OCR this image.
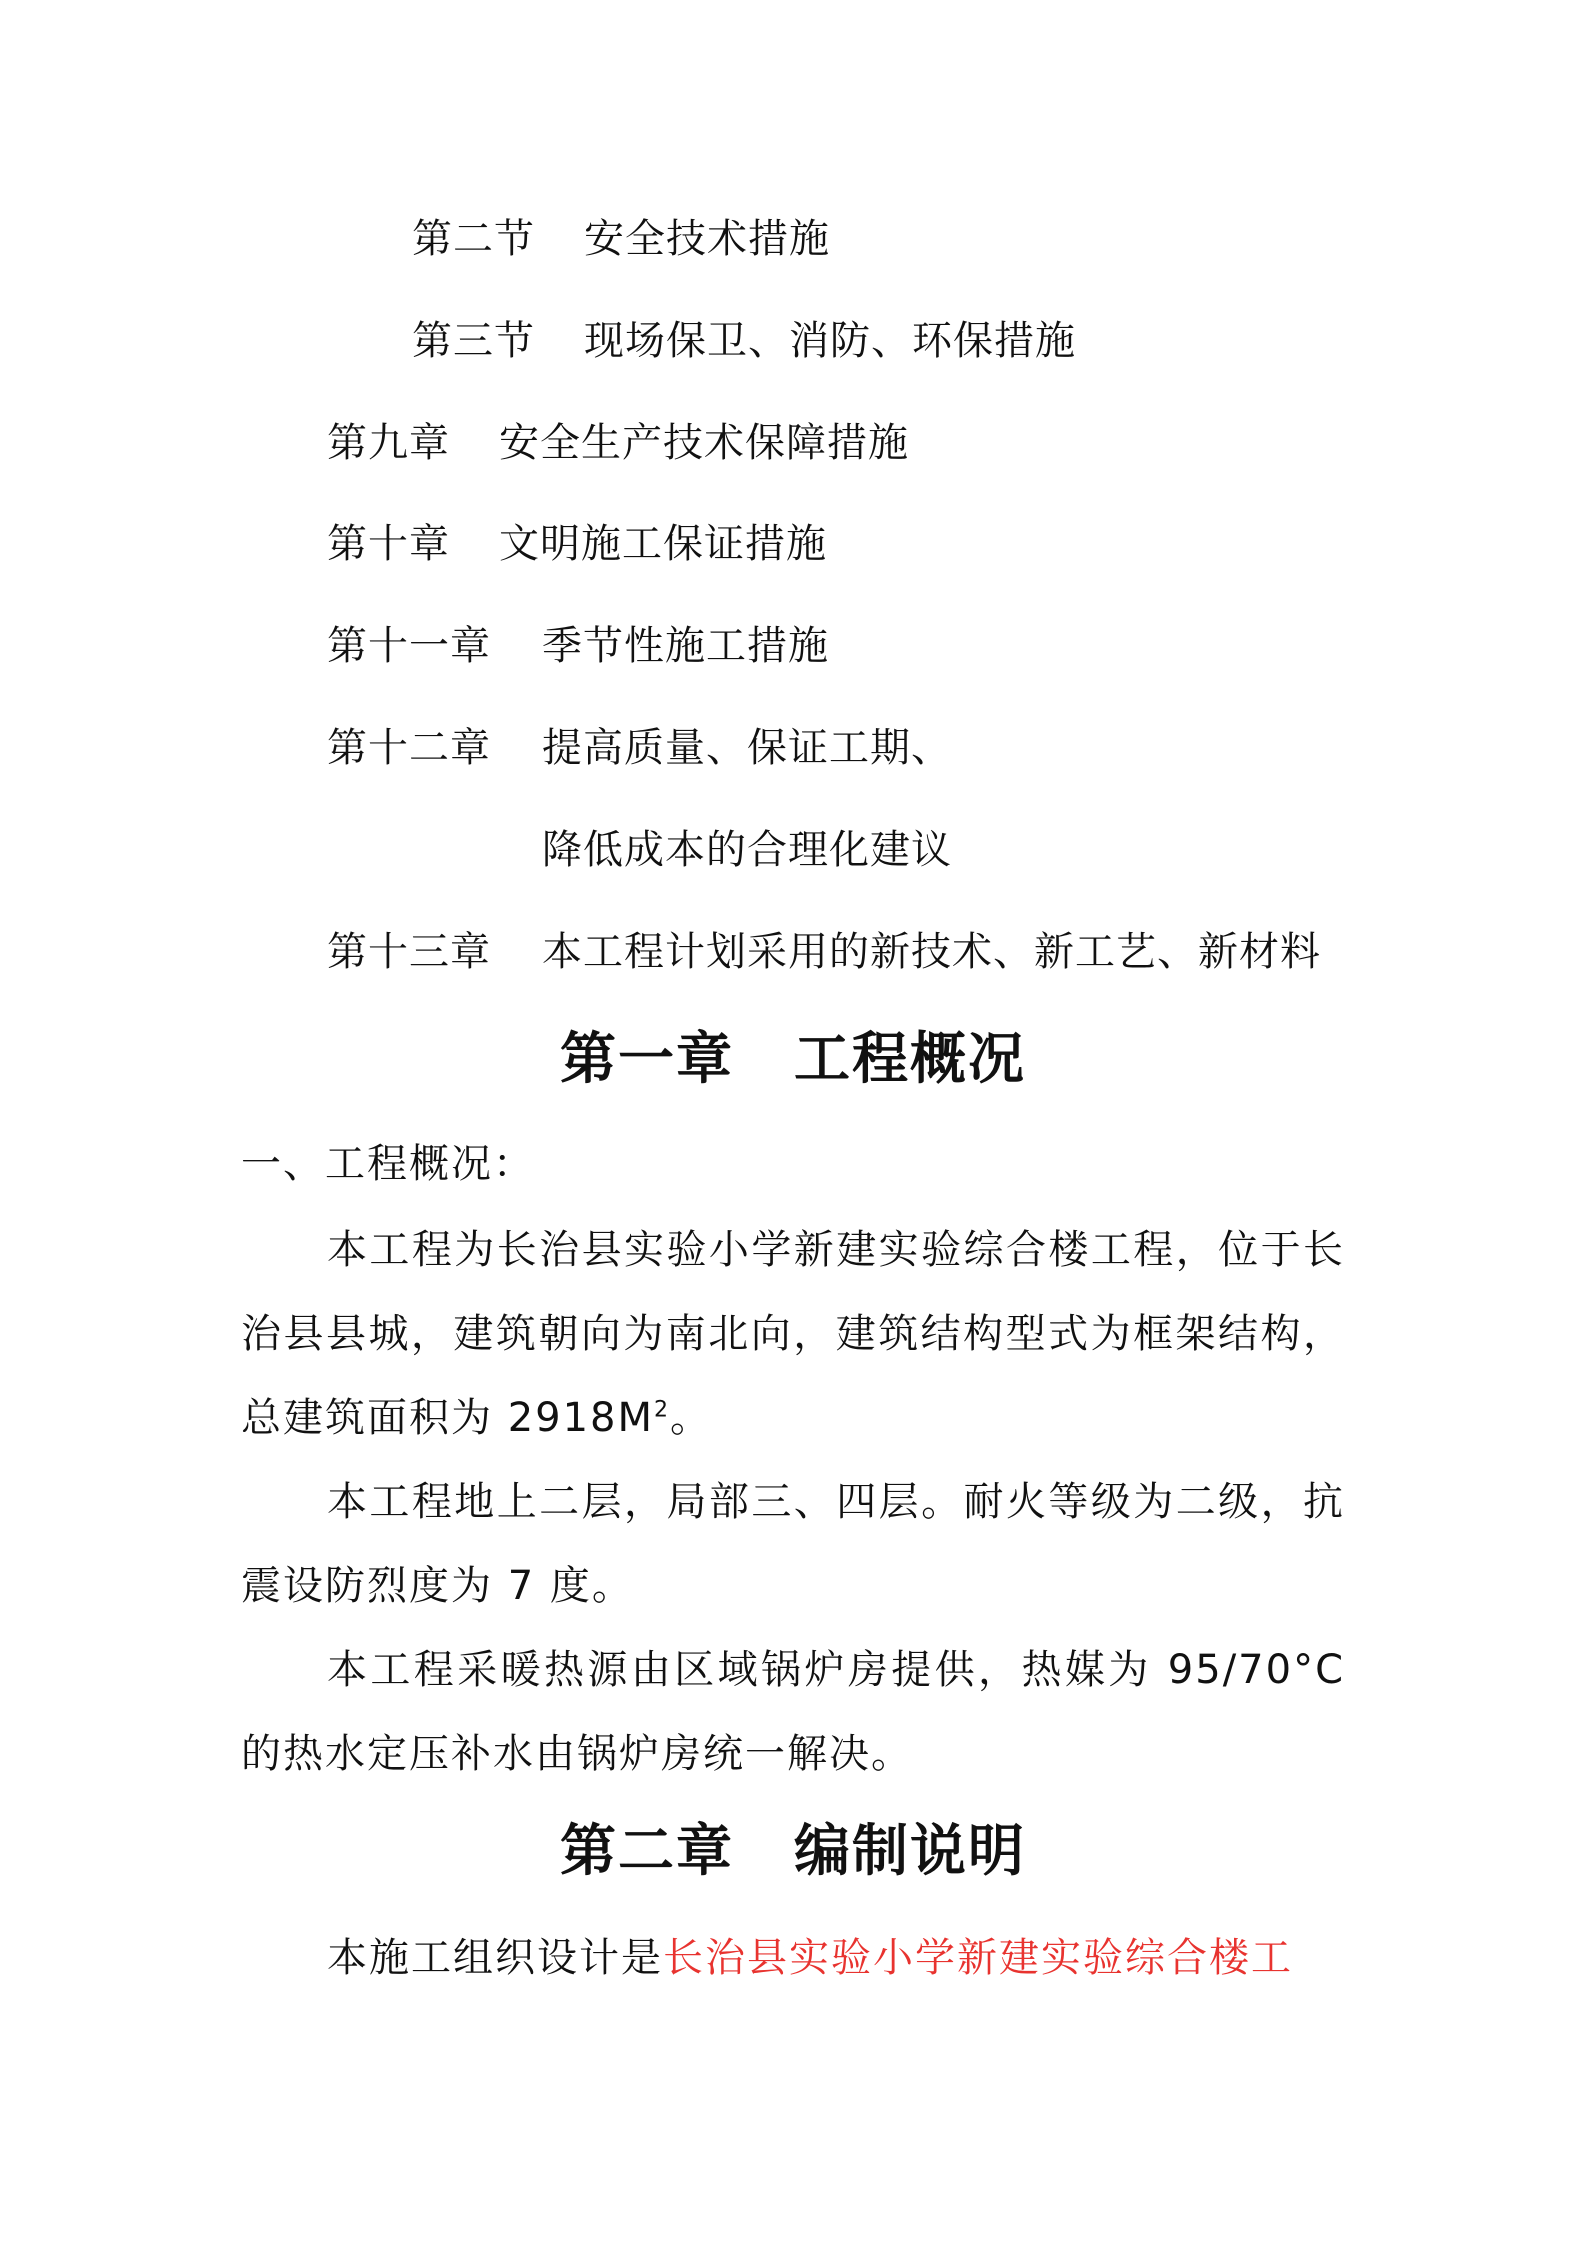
第二节 安全技术措施
第三节 现场保卫、消防、环保措施
第九章 安全生产技术保障措施
第十章 文明施工保证措施
第十一章 季节性施工措施
第十二章 提高质量、保证工期、
降低成本的合理化建议
第十三章 本工程计划采用的新技术、新工艺、新材料
第一章 工程概况
一、工程概况：
本工程为长治县实验小学新建实验综合楼工程，位于长治县县城，建筑朝向为南北向，建筑结构型式为框架结构，总建筑面积为 $2918M^2$。
本工程地上二层，局部三、四层。耐火等级为二级，抗震设防烈度为 7 度。
本工程采暖热源由区域锅炉房提供，热媒为 95/70°C的热水定压补水由锅炉房统一解决。
第二章 编制说明
本施工组织设计是长治县实验小学新建实验综合楼工
